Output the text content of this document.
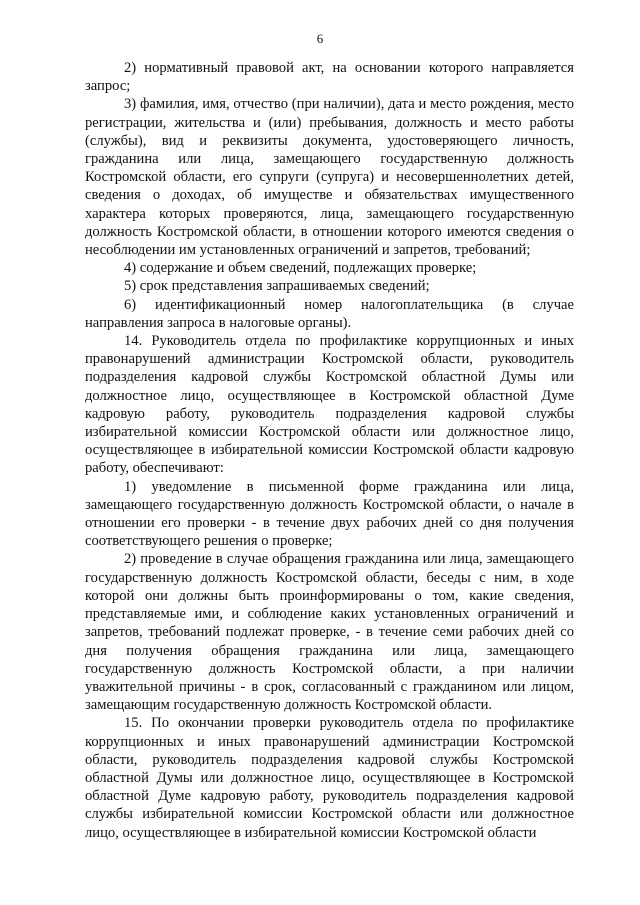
6

2) нормативный правовой акт, на основании которого направляется запрос;

3) фамилия, имя, отчество (при наличии), дата и место рождения, место регистрации, жительства и (или) пребывания, должность и место работы (службы), вид и реквизиты документа, удостоверяющего личность, гражданина или лица, замещающего государственную должность Костромской области, его супруги (супруга) и несовершеннолетних детей, сведения о доходах, об имуществе и обязательствах имущественного характера которых проверяются, лица, замещающего государственную должность Костромской области, в отношении которого имеются сведения о несоблюдении им установленных ограничений и запретов, требований;

4) содержание и объем сведений, подлежащих проверке;

5) срок представления запрашиваемых сведений;

6) идентификационный номер налогоплательщика (в случае направления запроса в налоговые органы).

14. Руководитель отдела по профилактике коррупционных и иных правонарушений администрации Костромской области, руководитель подразделения кадровой службы Костромской областной Думы или должностное лицо, осуществляющее в Костромской областной Думе кадровую работу, руководитель подразделения кадровой службы избирательной комиссии Костромской области или должностное лицо, осуществляющее в избирательной комиссии Костромской области кадровую работу, обеспечивают:

1) уведомление в письменной форме гражданина или лица, замещающего государственную должность Костромской области, о начале в отношении его проверки - в течение двух рабочих дней со дня получения соответствующего решения о проверке;

2) проведение в случае обращения гражданина или лица, замещающего государственную должность Костромской области, беседы с ним, в ходе которой они должны быть проинформированы о том, какие сведения, представляемые ими, и соблюдение каких установленных ограничений и запретов, требований подлежат проверке, - в течение семи рабочих дней со дня получения обращения гражданина или лица, замещающего государственную должность Костромской области, а при наличии уважительной причины - в срок, согласованный с гражданином или лицом, замещающим государственную должность Костромской области.

15. По окончании проверки руководитель отдела по профилактике коррупционных и иных правонарушений администрации Костромской области, руководитель подразделения кадровой службы Костромской областной Думы или должностное лицо, осуществляющее в Костромской областной Думе кадровую работу, руководитель подразделения кадровой службы избирательной комиссии Костромской области или должностное лицо, осуществляющее в избирательной комиссии Костромской области
